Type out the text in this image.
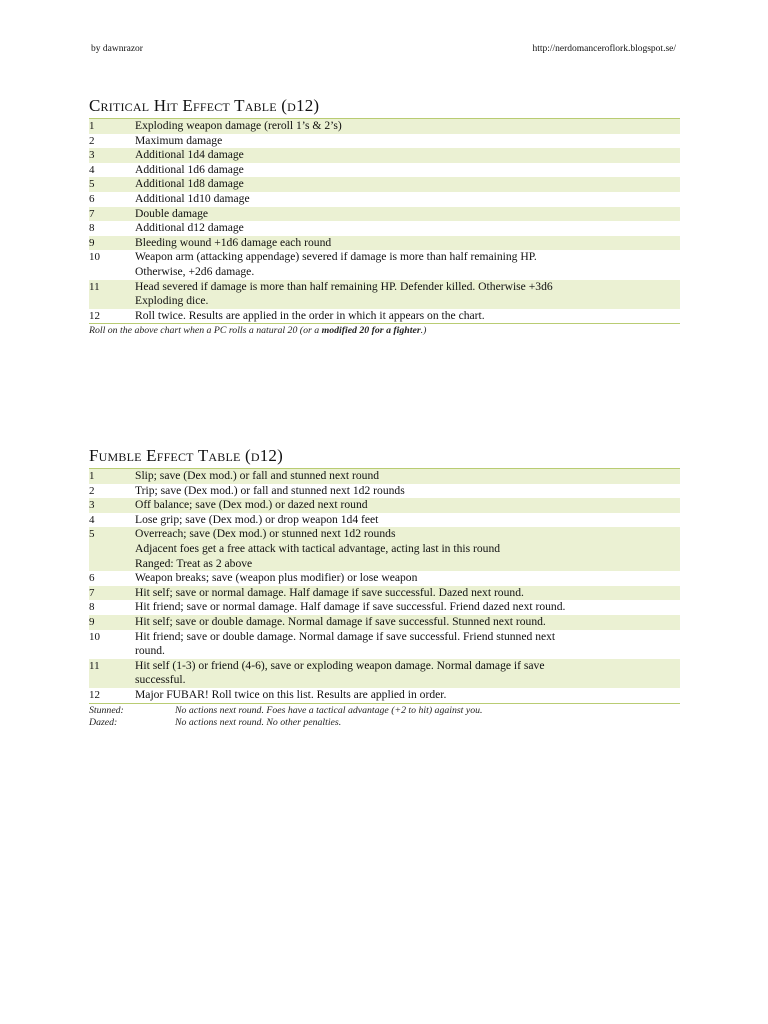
by dawnrazor	http://nerdomanceroflork.blogspot.se/
Critical Hit Effect Table (d12)
1	Exploding weapon damage (reroll 1’s & 2’s)

2	Maximum damage

3	Additional 1d4 damage

4	Additional 1d6 damage

5	Additional 1d8 damage

6	Additional 1d10 damage

7	Double damage

8	Additional d12 damage

9	Bleeding wound +1d6 damage each round

10	Weapon arm (attacking appendage) severed if damage is more than half remaining HP.
Otherwise, +2d6 damage.

11	Head severed if damage is more than half remaining HP. Defender killed. Otherwise +3d6
Exploding dice.

12	Roll twice. Results are applied in the order in which it appears on the chart.
Roll on the above chart when a PC rolls a natural 20 (or a modified 20 for a fighter.)
Fumble Effect Table (d12)
1	Slip; save (Dex mod.) or fall and stunned next round

2	Trip; save (Dex mod.) or fall and stunned next 1d2 rounds

3	Off balance; save (Dex mod.) or dazed next round

4	Lose grip; save (Dex mod.) or drop weapon 1d4 feet

5	Overreach; save (Dex mod.) or stunned next 1d2 rounds
Adjacent foes get a free attack with tactical advantage, acting last in this round
Ranged: Treat as 2 above

6	Weapon breaks; save (weapon plus modifier) or lose weapon

7	Hit self; save or normal damage. Half damage if save successful. Dazed next round.

8	Hit friend; save or normal damage. Half damage if save successful. Friend dazed next round.

9	Hit self; save or double damage. Normal damage if save successful. Stunned next round.

10	Hit friend; save or double damage. Normal damage if save successful. Friend stunned next
round.

11	Hit self (1-3) or friend (4-6), save or exploding weapon damage. Normal damage if save
successful.

12	Major FUBAR! Roll twice on this list. Results are applied in order.
Stunned:	No actions next round. Foes have a tactical advantage (+2 to hit) against you.
Dazed:	No actions next round. No other penalties.
